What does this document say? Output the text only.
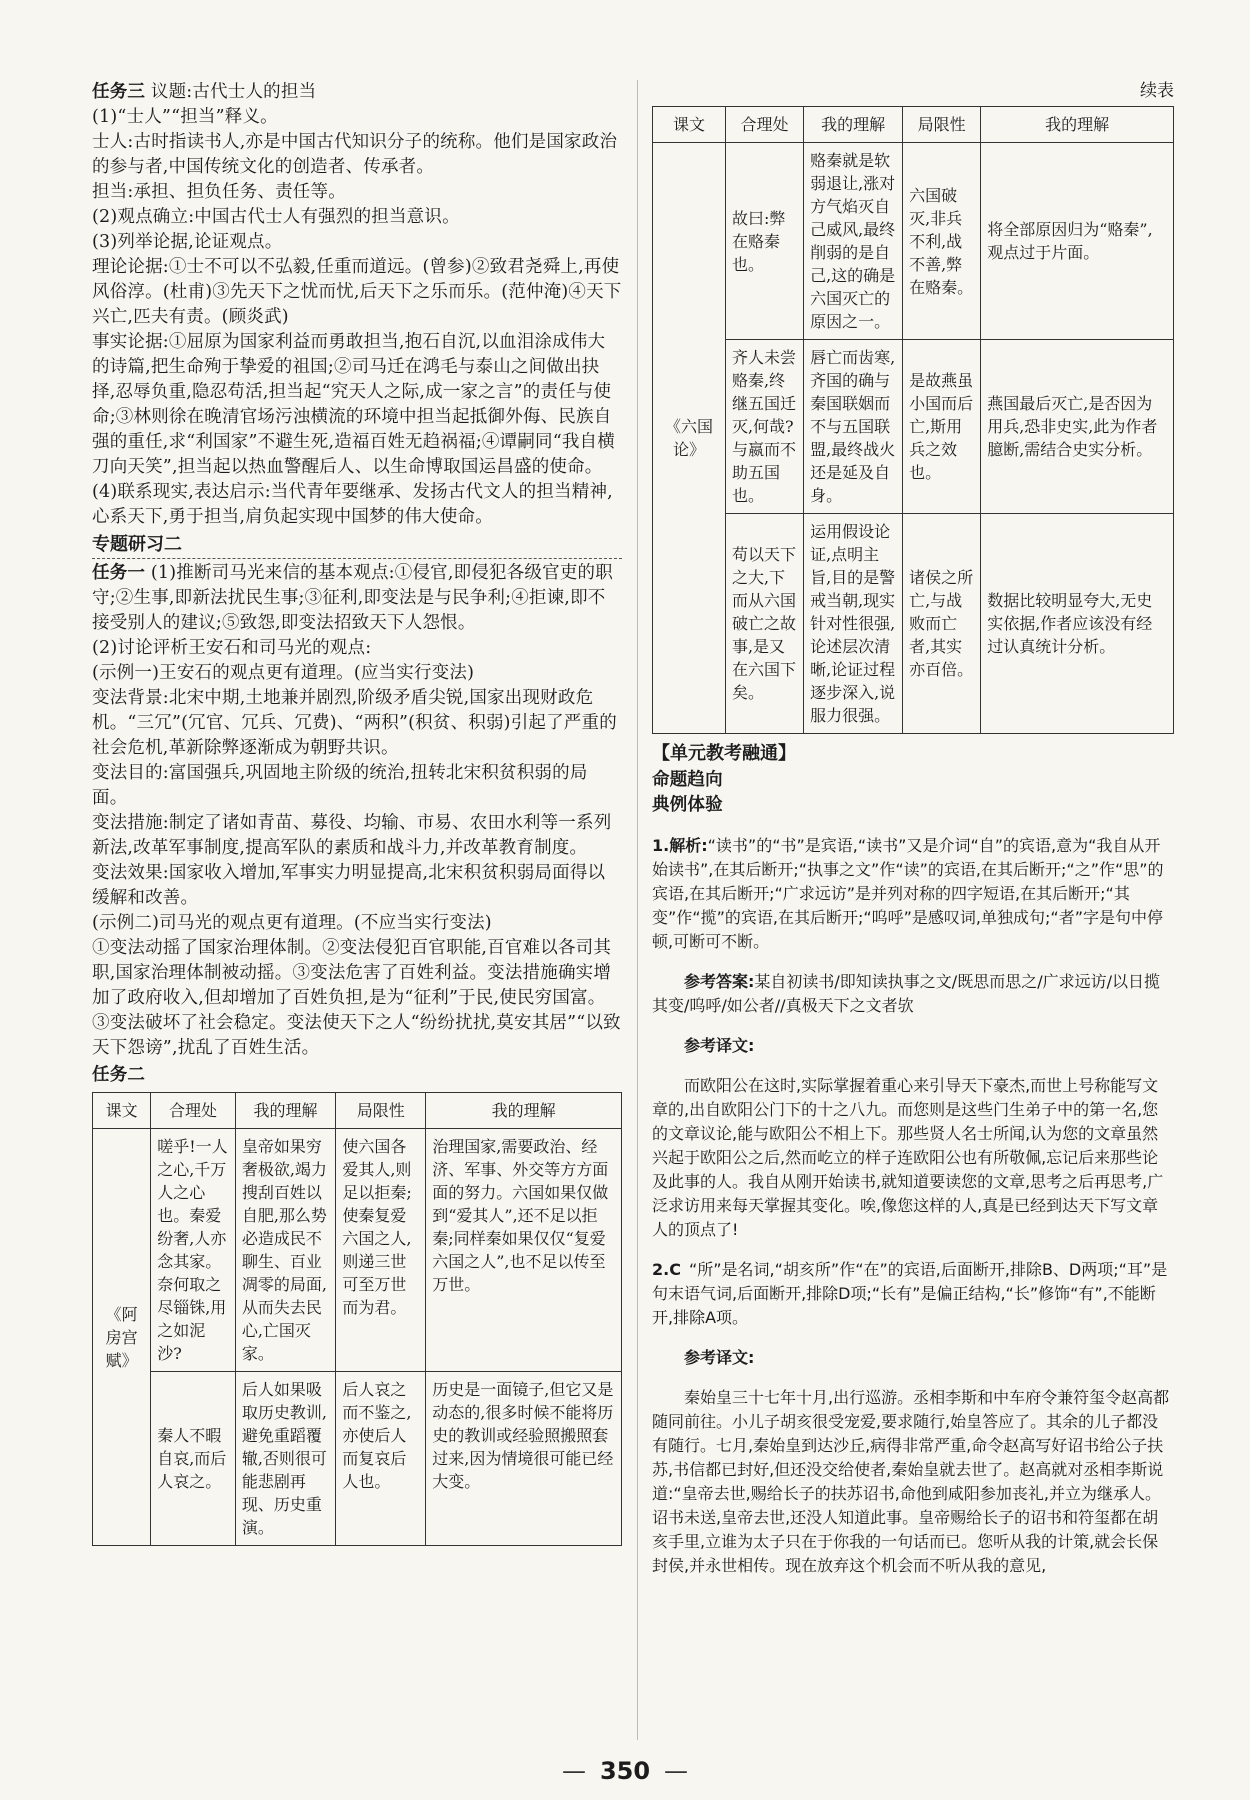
任务三 议题:古代士人的担当

(1)“士人”“担当”释义。

士人:古时指读书人,亦是中国古代知识分子的统称。他们是国家政治的参与者,中国传统文化的创造者、传承者。

担当:承担、担负任务、责任等。

(2)观点确立:中国古代士人有强烈的担当意识。

(3)列举论据,论证观点。

理论论据:①士不可以不弘毅,任重而道远。(曾参)②致君尧舜上,再使风俗淳。(杜甫)③先天下之忧而忧,后天下之乐而乐。(范仲淹)④天下兴亡,匹夫有责。(顾炎武)

事实论据:①屈原为国家利益而勇敢担当,抱石自沉,以血泪涂成伟大的诗篇,把生命殉于挚爱的祖国;②司马迁在鸿毛与泰山之间做出抉择,忍辱负重,隐忍苟活,担当起“究天人之际,成一家之言”的责任与使命;③林则徐在晚清官场污浊横流的环境中担当起抵御外侮、民族自强的重任,求“利国家”不避生死,造福百姓无趋祸福;④谭嗣同“我自横刀向天笑”,担当起以热血警醒后人、以生命博取国运昌盛的使命。

(4)联系现实,表达启示:当代青年要继承、发扬古代文人的担当精神,心系天下,勇于担当,肩负起实现中国梦的伟大使命。

专题研习二

任务一 (1)推断司马光来信的基本观点:①侵官,即侵犯各级官吏的职守;②生事,即新法扰民生事;③征利,即变法是与民争利;④拒谏,即不接受别人的建议;⑤致怨,即变法招致天下人怨恨。

(2)讨论评析王安石和司马光的观点:

(示例一)王安石的观点更有道理。(应当实行变法)

变法背景:北宋中期,土地兼并剧烈,阶级矛盾尖锐,国家出现财政危机。“三冗”(冗官、冗兵、冗费)、“两积”(积贫、积弱)引起了严重的社会危机,革新除弊逐渐成为朝野共识。

变法目的:富国强兵,巩固地主阶级的统治,扭转北宋积贫积弱的局面。

变法措施:制定了诸如青苗、募役、均输、市易、农田水利等一系列新法,改革军事制度,提高军队的素质和战斗力,并改革教育制度。

变法效果:国家收入增加,军事实力明显提高,北宋积贫积弱局面得以缓解和改善。

(示例二)司马光的观点更有道理。(不应当实行变法)

①变法动摇了国家治理体制。②变法侵犯百官职能,百官难以各司其职,国家治理体制被动摇。③变法危害了百姓利益。变法措施确实增加了政府收入,但却增加了百姓负担,是为“征利”于民,使民穷国富。③变法破坏了社会稳定。变法使天下之人“纷纷扰扰,莫安其居”“以致天下怨谤”,扰乱了百姓生活。

任务二
课文	合理处	我的理解	局限性	我的理解
《阿房宫赋》	嗟乎!一人之心,千万人之心也。秦爱纷奢,人亦念其家。奈何取之尽锱铢,用之如泥沙?	皇帝如果穷奢极欲,竭力搜刮百姓以自肥,那么势必造成民不聊生、百业凋零的局面,从而失去民心,亡国灭家。	使六国各爱其人,则足以拒秦;使秦复爱六国之人,则递三世可至万世而为君。	治理国家,需要政治、经济、军事、外交等方方面面的努力。六国如果仅做到“爱其人”,还不足以拒秦;同样秦如果仅仅“复爱六国之人”,也不足以传至万世。
	秦人不暇自哀,而后人哀之。	后人如果吸取历史教训,避免重蹈覆辙,否则很可能悲剧再现、历史重演。	后人哀之而不鉴之,亦使后人而复哀后人也。	历史是一面镜子,但它又是动态的,很多时候不能将历史的教训或经验照搬照套过来,因为情境很可能已经大变。
续表
课文	合理处	我的理解	局限性	我的理解
《六国论》	故曰:弊在赂秦也。	赂秦就是软弱退让,涨对方气焰灭自己威风,最终削弱的是自己,这的确是六国灭亡的原因之一。	六国破灭,非兵不利,战不善,弊在赂秦。	将全部原因归为“赂秦”,观点过于片面。
	齐人未尝赂秦,终继五国迁灭,何哉?与嬴而不助五国也。	唇亡而齿寒,齐国的确与秦国联姻而不与五国联盟,最终战火还是延及自身。	是故燕虽小国而后亡,斯用兵之效也。	燕国最后灭亡,是否因为用兵,恐非史实,此为作者臆断,需结合史实分析。
	苟以天下之大,下而从六国破亡之故事,是又在六国下矣。	运用假设论证,点明主旨,目的是警戒当朝,现实针对性很强,论述层次清晰,论证过程逐步深入,说服力很强。	诸侯之所亡,与战败而亡者,其实亦百倍。	数据比较明显夸大,无史实依据,作者应该没有经过认真统计分析。
【单元教考融通】
命题趋向
典例体验

1.解析:“读书”的“书”是宾语,“读书”又是介词“自”的宾语,意为“我自从开始读书”,在其后断开;“执事之文”作“读”的宾语,在其后断开;“之”作“思”的宾语,在其后断开;“广求远访”是并列对称的四字短语,在其后断开;“其变”作“揽”的宾语,在其后断开;“呜呼”是感叹词,单独成句;“者”字是句中停顿,可断可不断。

参考答案:某自初读书/即知读执事之文/既思而思之/广求远访/以日揽其变/呜呼/如公者//真极天下之文者欤

参考译文:

而欧阳公在这时,实际掌握着重心来引导天下豪杰,而世上号称能写文章的,出自欧阳公门下的十之八九。而您则是这些门生弟子中的第一名,您的文章议论,能与欧阳公不相上下。那些贤人名士所闻,认为您的文章虽然兴起于欧阳公之后,然而屹立的样子连欧阳公也有所敬佩,忘记后来那些论及此事的人。我自从刚开始读书,就知道要读您的文章,思考之后再思考,广泛求访用来每天掌握其变化。唉,像您这样的人,真是已经到达天下写文章人的顶点了!

2.C “所”是名词,“胡亥所”作“在”的宾语,后面断开,排除B、D两项;“耳”是句末语气词,后面断开,排除D项;“长有”是偏正结构,“长”修饰“有”,不能断开,排除A项。

参考译文:

秦始皇三十七年十月,出行巡游。丞相李斯和中车府令兼符玺令赵高都随同前往。小儿子胡亥很受宠爱,要求随行,始皇答应了。其余的儿子都没有随行。七月,秦始皇到达沙丘,病得非常严重,命令赵高写好诏书给公子扶苏,书信都已封好,但还没交给使者,秦始皇就去世了。赵高就对丞相李斯说道:“皇帝去世,赐给长子的扶苏诏书,命他到咸阳参加丧礼,并立为继承人。诏书未送,皇帝去世,还没人知道此事。皇帝赐给长子的诏书和符玺都在胡亥手里,立谁为太子只在于你我的一句话而已。您听从我的计策,就会长保封侯,并永世相传。现在放弃这个机会而不听从我的意见,

— 350 —
